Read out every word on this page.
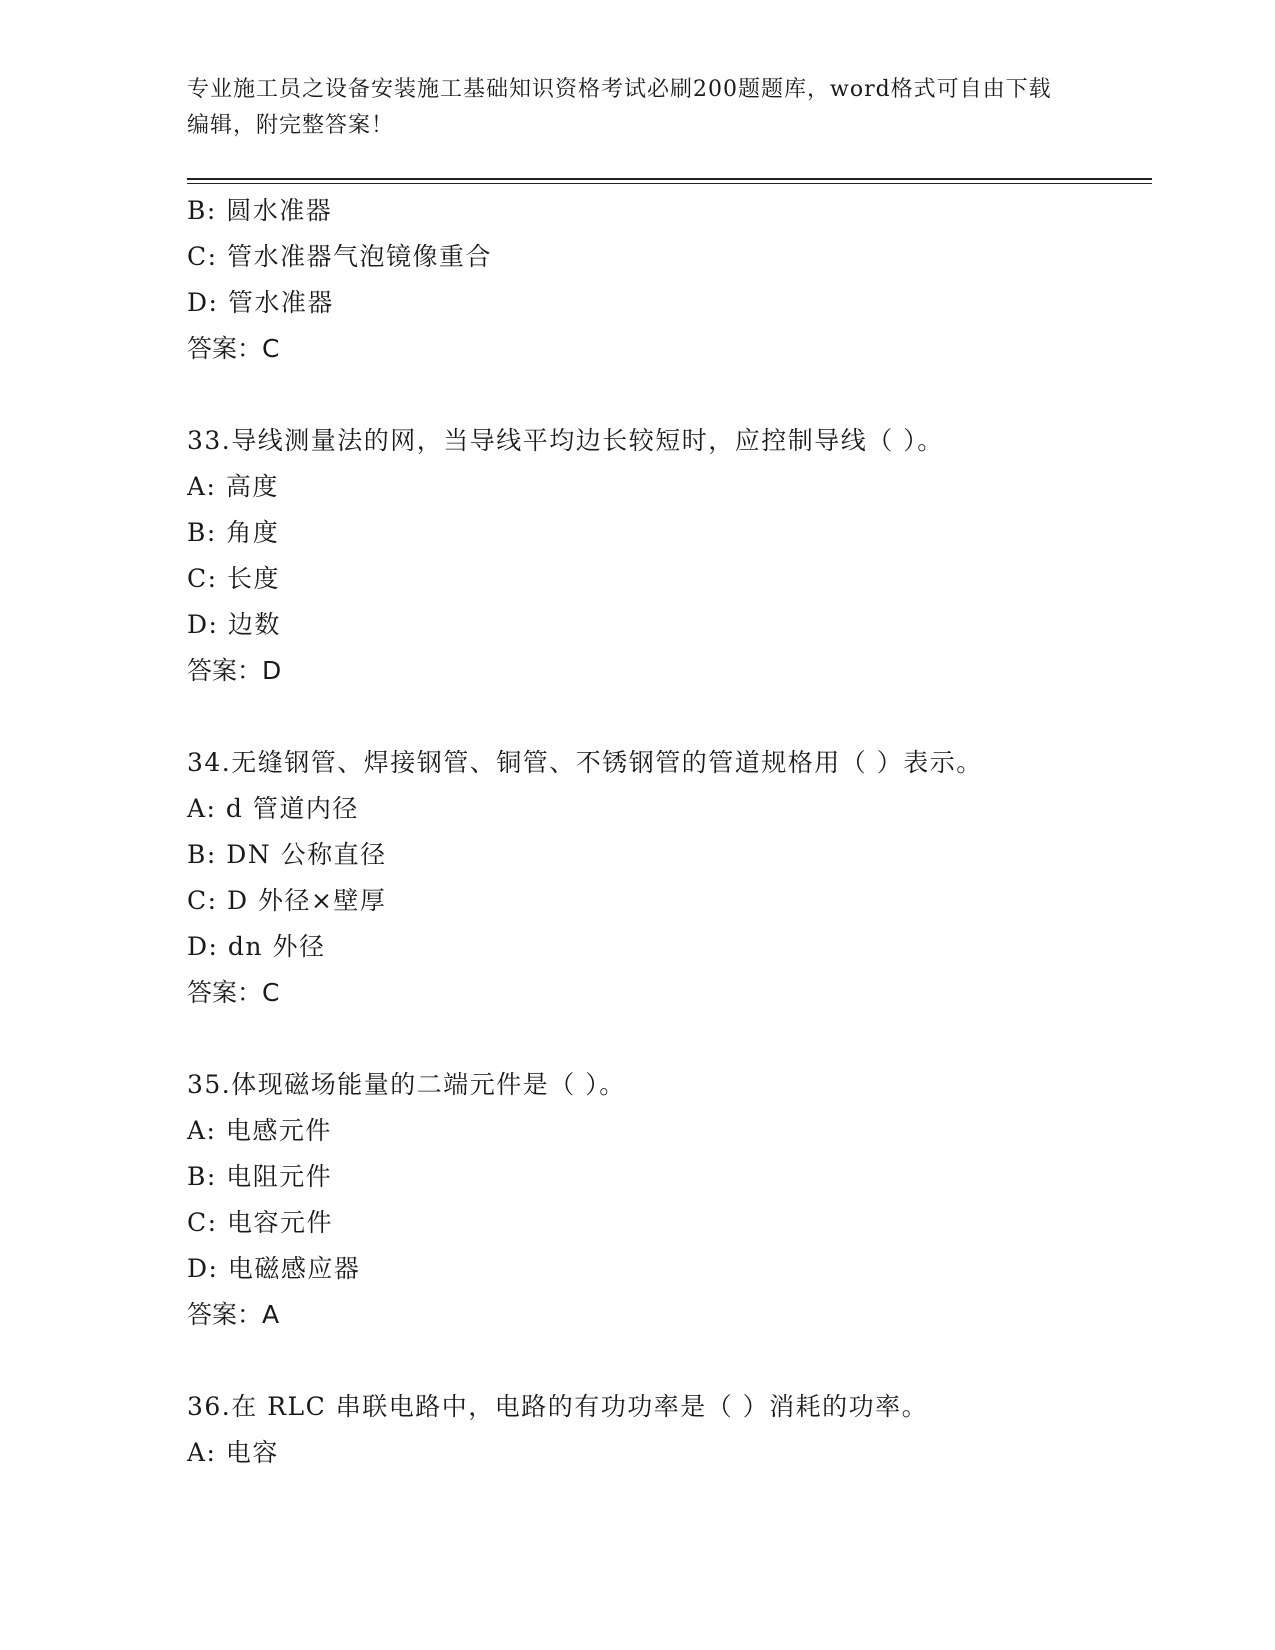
专业施工员之设备安装施工基础知识资格考试必刷200题题库，word格式可自由下载编辑，附完整答案！
B: 圆水准器
C: 管水准器气泡镜像重合
D: 管水准器
答案：C
33.导线测量法的网，当导线平均边长较短时，应控制导线（ ）。
A: 高度
B: 角度
C: 长度
D: 边数
答案：D
34.无缝钢管、焊接钢管、铜管、不锈钢管的管道规格用（ ）表示。
A: d 管道内径
B: DN 公称直径
C: D 外径×壁厚
D: dn 外径
答案：C
35.体现磁场能量的二端元件是（ ）。
A: 电感元件
B: 电阻元件
C: 电容元件
D: 电磁感应器
答案：A
36.在 RLC 串联电路中，电路的有功功率是（ ）消耗的功率。
A: 电容
